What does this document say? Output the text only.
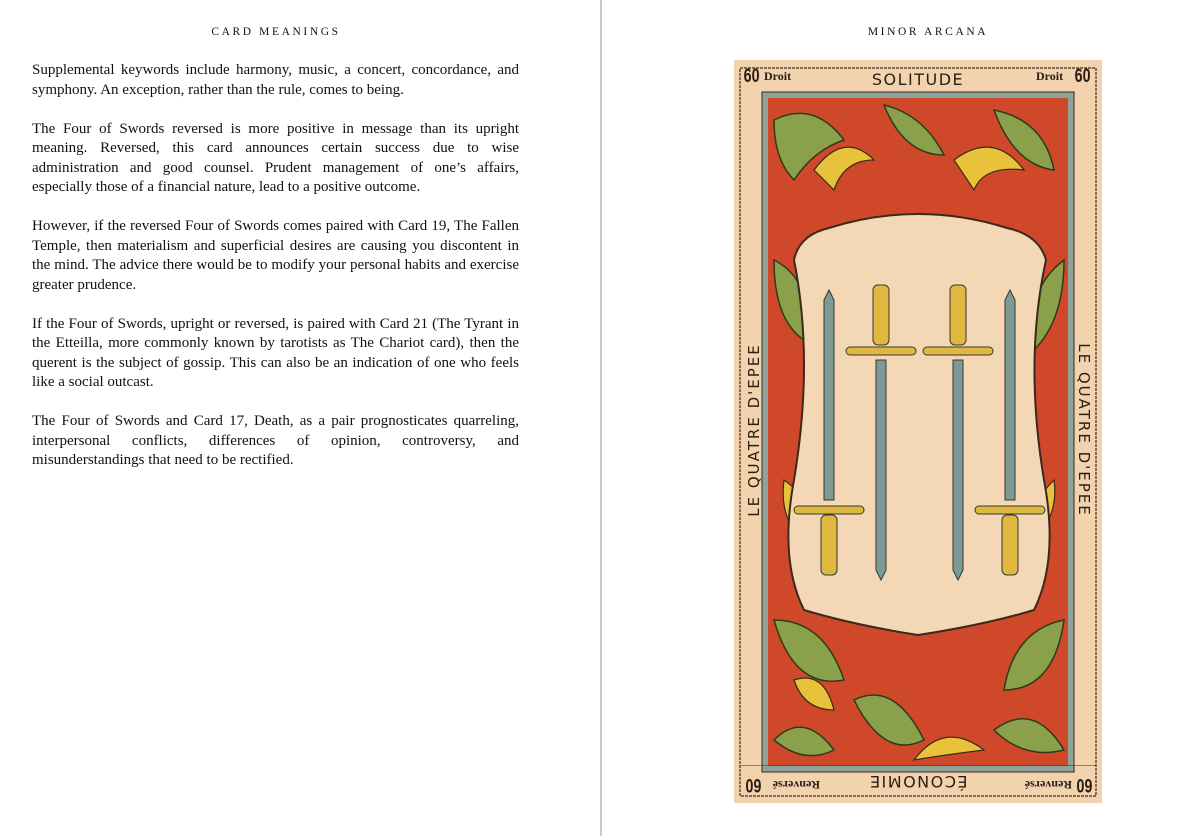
CARD MEANINGS

Supplemental keywords include harmony, music, a concert, concordance, and symphony. An exception, rather than the rule, comes to being.

The Four of Swords reversed is more positive in message than its upright meaning. Reversed, this card announces certain success due to wise administration and good counsel. Prudent management of one’s affairs, especially those of a financial nature, lead to a positive outcome.

However, if the reversed Four of Swords comes paired with Card 19, The Fallen Temple, then materialism and superficial desires are causing you discontent in the mind. The advice there would be to modify your personal habits and exercise greater prudence.

If the Four of Swords, upright or reversed, is paired with Card 21 (The Tyrant in the Etteilla, more commonly known by tarotists as The Chariot card), then the querent is the subject of gossip. This can also be an indication of one who feels like a social outcast.

The Four of Swords and Card 17, Death, as a pair prognosticates quarreling, interpersonal conflicts, differences of opinion, controversy, and misunderstandings that need to be rectified.

MINOR ARCANA
60 Droit	SOLITUDE	Droit 60
LE QUATRE D'EPEE	LE QUATRE D'EPEE
60
Renversé
ÉCONOMIE
Renversé
60
